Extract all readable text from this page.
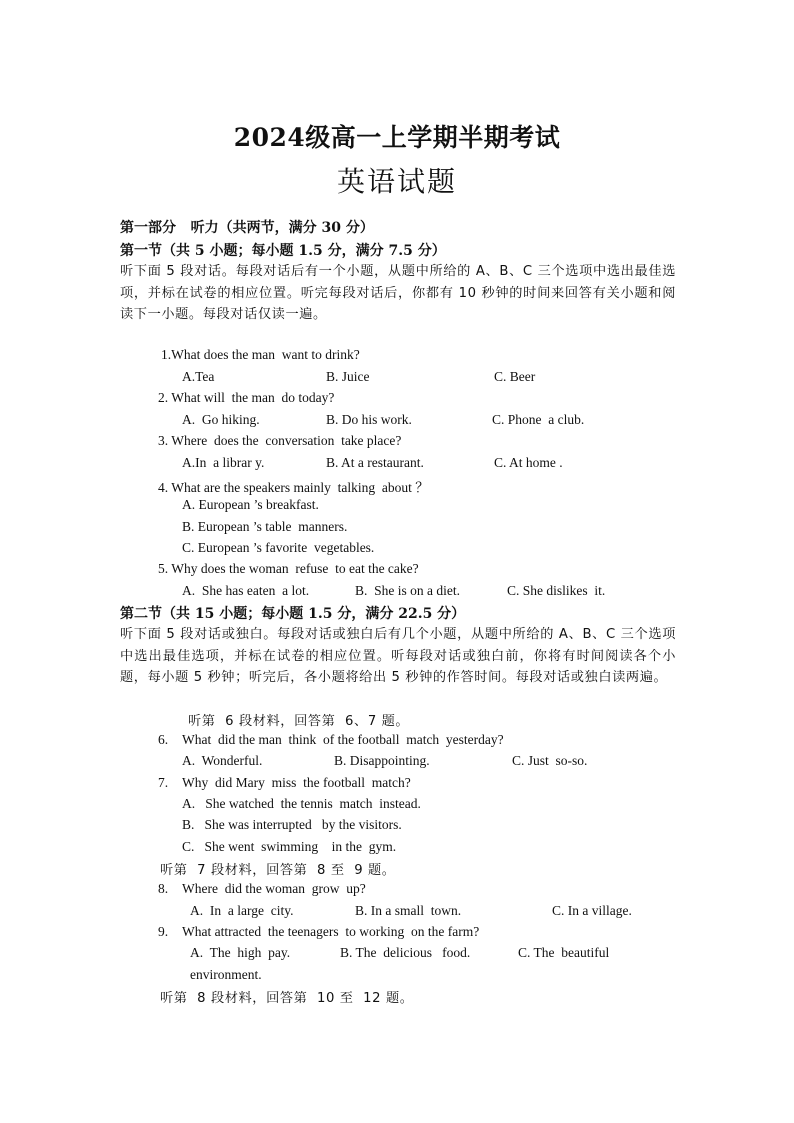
2024级高一上学期半期考试
英语试题
第一部分   听力（共两节，满分 30 分）
第一节（共 5 小题；每小题 1.5 分，满分 7.5 分）
听下面 5 段对话。每段对话后有一个小题，从题中所给的 A、B、C 三个选项中选出最佳选项，并标在试卷的相应位置。听完每段对话后，你都有 10 秒钟的时间来回答有关小题和阅读下一小题。每段对话仅读一遍。
1.What does the man  want to drink?
A.Tea	B. Juice	C. Beer
2. What will  the man  do today?
A.  Go hiking.	B. Do his work.	C. Phone  a club.
3. Where  does the  conversation  take place?
A.In  a librar y.	B. At a restaurant.	C. At home .
4. What are the speakers mainly  talking  about ？
A. European ’s breakfast.
B. European ’s table  manners.
C. European ’s favorite  vegetables.
5. Why does the woman  refuse  to eat the cake?
A.  She has eaten  a lot.	B.  She is on a diet.	C. She dislikes  it.
第二节（共 15 小题；每小题 1.5 分，满分 22.5 分）
听下面 5 段对话或独白。每段对话或独白后有几个小题，从题中所给的 A、B、C 三个选项中选出最佳选项，并标在试卷的相应位置。听每段对话或独白前，你将有时间阅读各个小题，每小题 5 秒钟；听完后，各小题将给出 5 秒钟的作答时间。每段对话或独白读两遍。
听第  6 段材料，回答第  6、7 题。
6. What  did the man  think  of the football  match  yesterday?
A.  Wonderful.	B. Disappointing.	C. Just  so-so.
7. Why  did Mary  miss  the football  match?
A.   She watched  the tennis  match  instead.
B.   She was interrupted   by the visitors.
C.   She went  swimming    in the  gym.
听第  7 段材料，回答第  8 至  9 题。
8. Where  did the woman  grow  up?
A.  In  a large  city.	B. In a small  town.	C. In a village.
9. What attracted  the teenagers  to working  on the farm?
A.  The  high  pay.	B. The  delicious   food.	C. The  beautiful
environment.
听第  8 段材料，回答第  10 至  12 题。
